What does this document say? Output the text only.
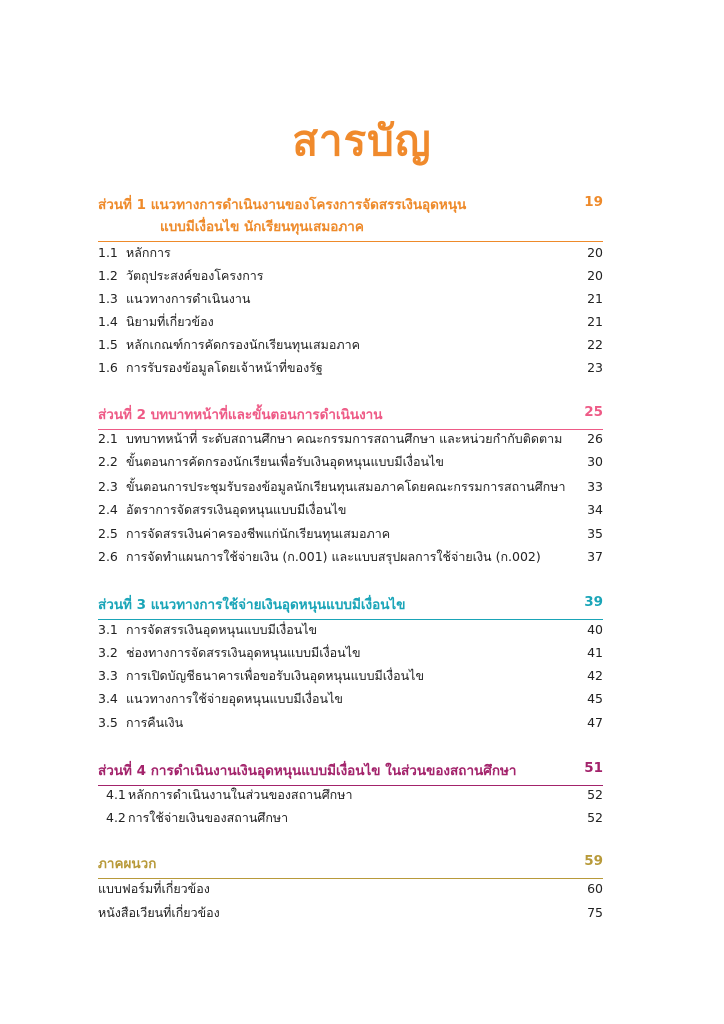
สารบัญ
ส่วนที่ 1 แนวทางการดำเนินงานของโครงการจัดสรรเงินอุดหนุน	19
แบบมีเงื่อนไข นักเรียนทุนเสมอภาค
1.1 หลักการ	20
1.2 วัตถุประสงค์ของโครงการ	20
1.3 แนวทางการดำเนินงาน	21
1.4 นิยามที่เกี่ยวข้อง	21
1.5 หลักเกณฑ์การคัดกรองนักเรียนทุนเสมอภาค	22
1.6 การรับรองข้อมูลโดยเจ้าหน้าที่ของรัฐ	23
ส่วนที่ 2 บทบาทหน้าที่และขั้นตอนการดำเนินงาน	25
2.1 บทบาทหน้าที่ ระดับสถานศึกษา คณะกรรมการสถานศึกษา และหน่วยกำกับติดตาม 26
2.2 ขั้นตอนการคัดกรองนักเรียนเพื่อรับเงินอุดหนุนแบบมีเงื่อนไข	30
2.3 ขั้นตอนการประชุมรับรองข้อมูลนักเรียนทุนเสมอภาคโดยคณะกรรมการสถานศึกษา 33
2.4 อัตราการจัดสรรเงินอุดหนุนแบบมีเงื่อนไข	34
2.5 การจัดสรรเงินค่าครองชีพแก่นักเรียนทุนเสมอภาค	35
2.6 การจัดทำแผนการใช้จ่ายเงิน (ก.001) และแบบสรุปผลการใช้จ่ายเงิน (ก.002)	37
ส่วนที่ 3 แนวทางการใช้จ่ายเงินอุดหนุนแบบมีเงื่อนไข	39
3.1 การจัดสรรเงินอุดหนุนแบบมีเงื่อนไข	40
3.2 ช่องทางการจัดสรรเงินอุดหนุนแบบมีเงื่อนไข	41
3.3 การเปิดบัญชีธนาคารเพื่อขอรับเงินอุดหนุนแบบมีเงื่อนไข	42
3.4 แนวทางการใช้จ่ายอุดหนุนแบบมีเงื่อนไข	45
3.5 การคืนเงิน	47
ส่วนที่ 4 การดำเนินงานเงินอุดหนุนแบบมีเงื่อนไข ในส่วนของสถานศึกษา	51
4.1 หลักการดำเนินงานในส่วนของสถานศึกษา	52
4.2 การใช้จ่ายเงินของสถานศึกษา	52
ภาคผนวก	59
แบบฟอร์มที่เกี่ยวข้อง	60
หนังสือเวียนที่เกี่ยวข้อง	75
